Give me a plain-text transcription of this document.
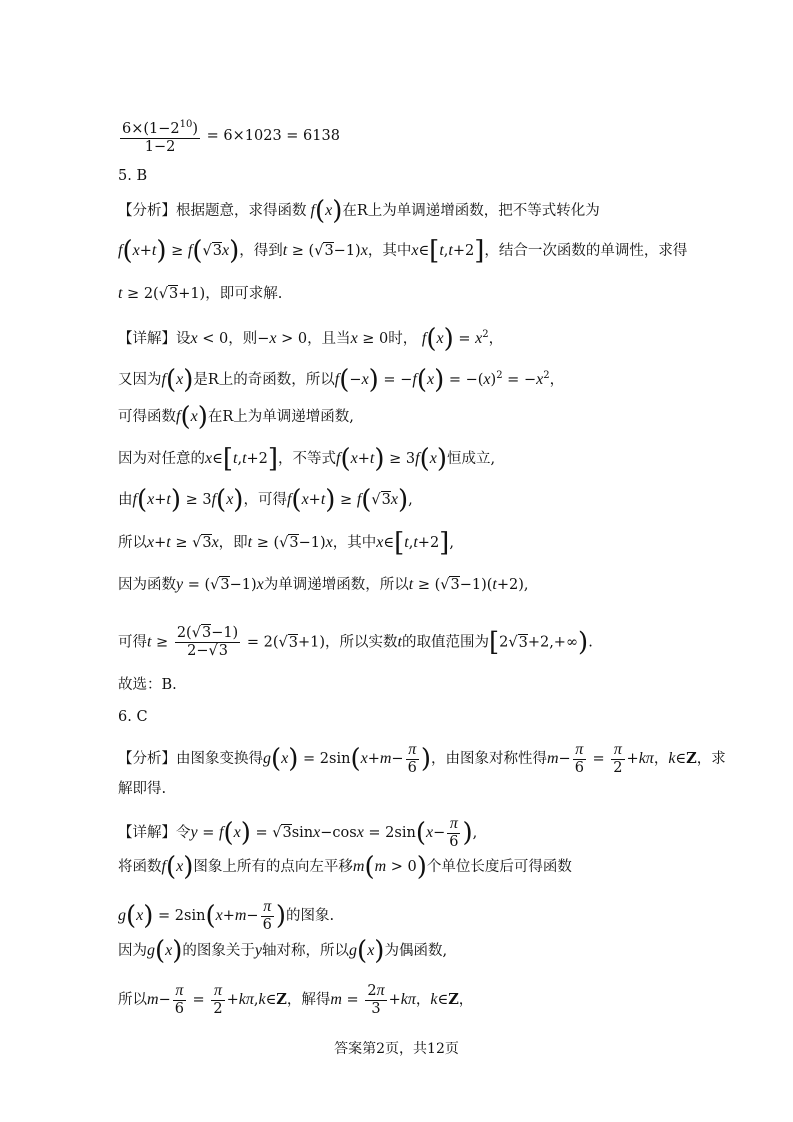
$\frac{6\times(1-2^{10})}{1-2} = 6\times 1023 = 6138$
5. B
【分析】根据题意，求得函数 f(x)在R上为单调递增函数，把不等式转化为
f(x+t) ≥ f(√3x)，得到t ≥ (√3−1)x，其中x∈[t,t+2]，结合一次函数的单调性，求得
t ≥ 2(√3+1)，即可求解.
【详解】设x < 0，则−x > 0，且当x ≥ 0时， $f(x) = x^2$，
又因为f(x)是R上的奇函数，所以$f(-x) = -f(x) = -(x)^2 = -x^2$，
可得函数f(x)在R上为单调递增函数,
因为对任意的x∈[t,t+2]，不等式f(x+t) ≥ 3f(x)恒成立,
由f(x+t) ≥ 3f(x)，可得f(x+t) ≥ f(√3x),
所以x+t ≥ √3x，即t ≥ (√3−1)x，其中x∈[t,t+2],
因为函数y = (√3−1)x为单调递增函数，所以t ≥ (√3−1)(t+2),
可得$t \ge \frac{2(√3-1)}{2-√3} = 2(√3+1)$，所以实数t的取值范围为[2√3+2,+∞).
故选：B.
6. C
【分析】由图象变换得$g(x) = 2\sin(x+m- \frac{\pi}{6}$ )，由图象对称性得$m- \frac{\pi}{6} = \frac{\pi}{2} +k\pi$，k∈Z，求
解即得.
【详解】令$y = f(x) = √3\sin x-\cos x = 2\sin(x- \frac{\pi}{6}$ ),
将函数f(x)图象上所有的点向左平移m(m > 0)个单位长度后可得函数
$g(x) = 2\sin(x+m- \frac{\pi}{6}$ )的图象.
因为g(x)的图象关于y轴对称，所以g(x)为偶函数,
所以$m- \frac{\pi}{6} = \frac{\pi}{2}$ +kπ,k∈Z，解得$m = \frac{2\pi}{3} +k\pi$，k∈Z，
答案第2页，共12页
